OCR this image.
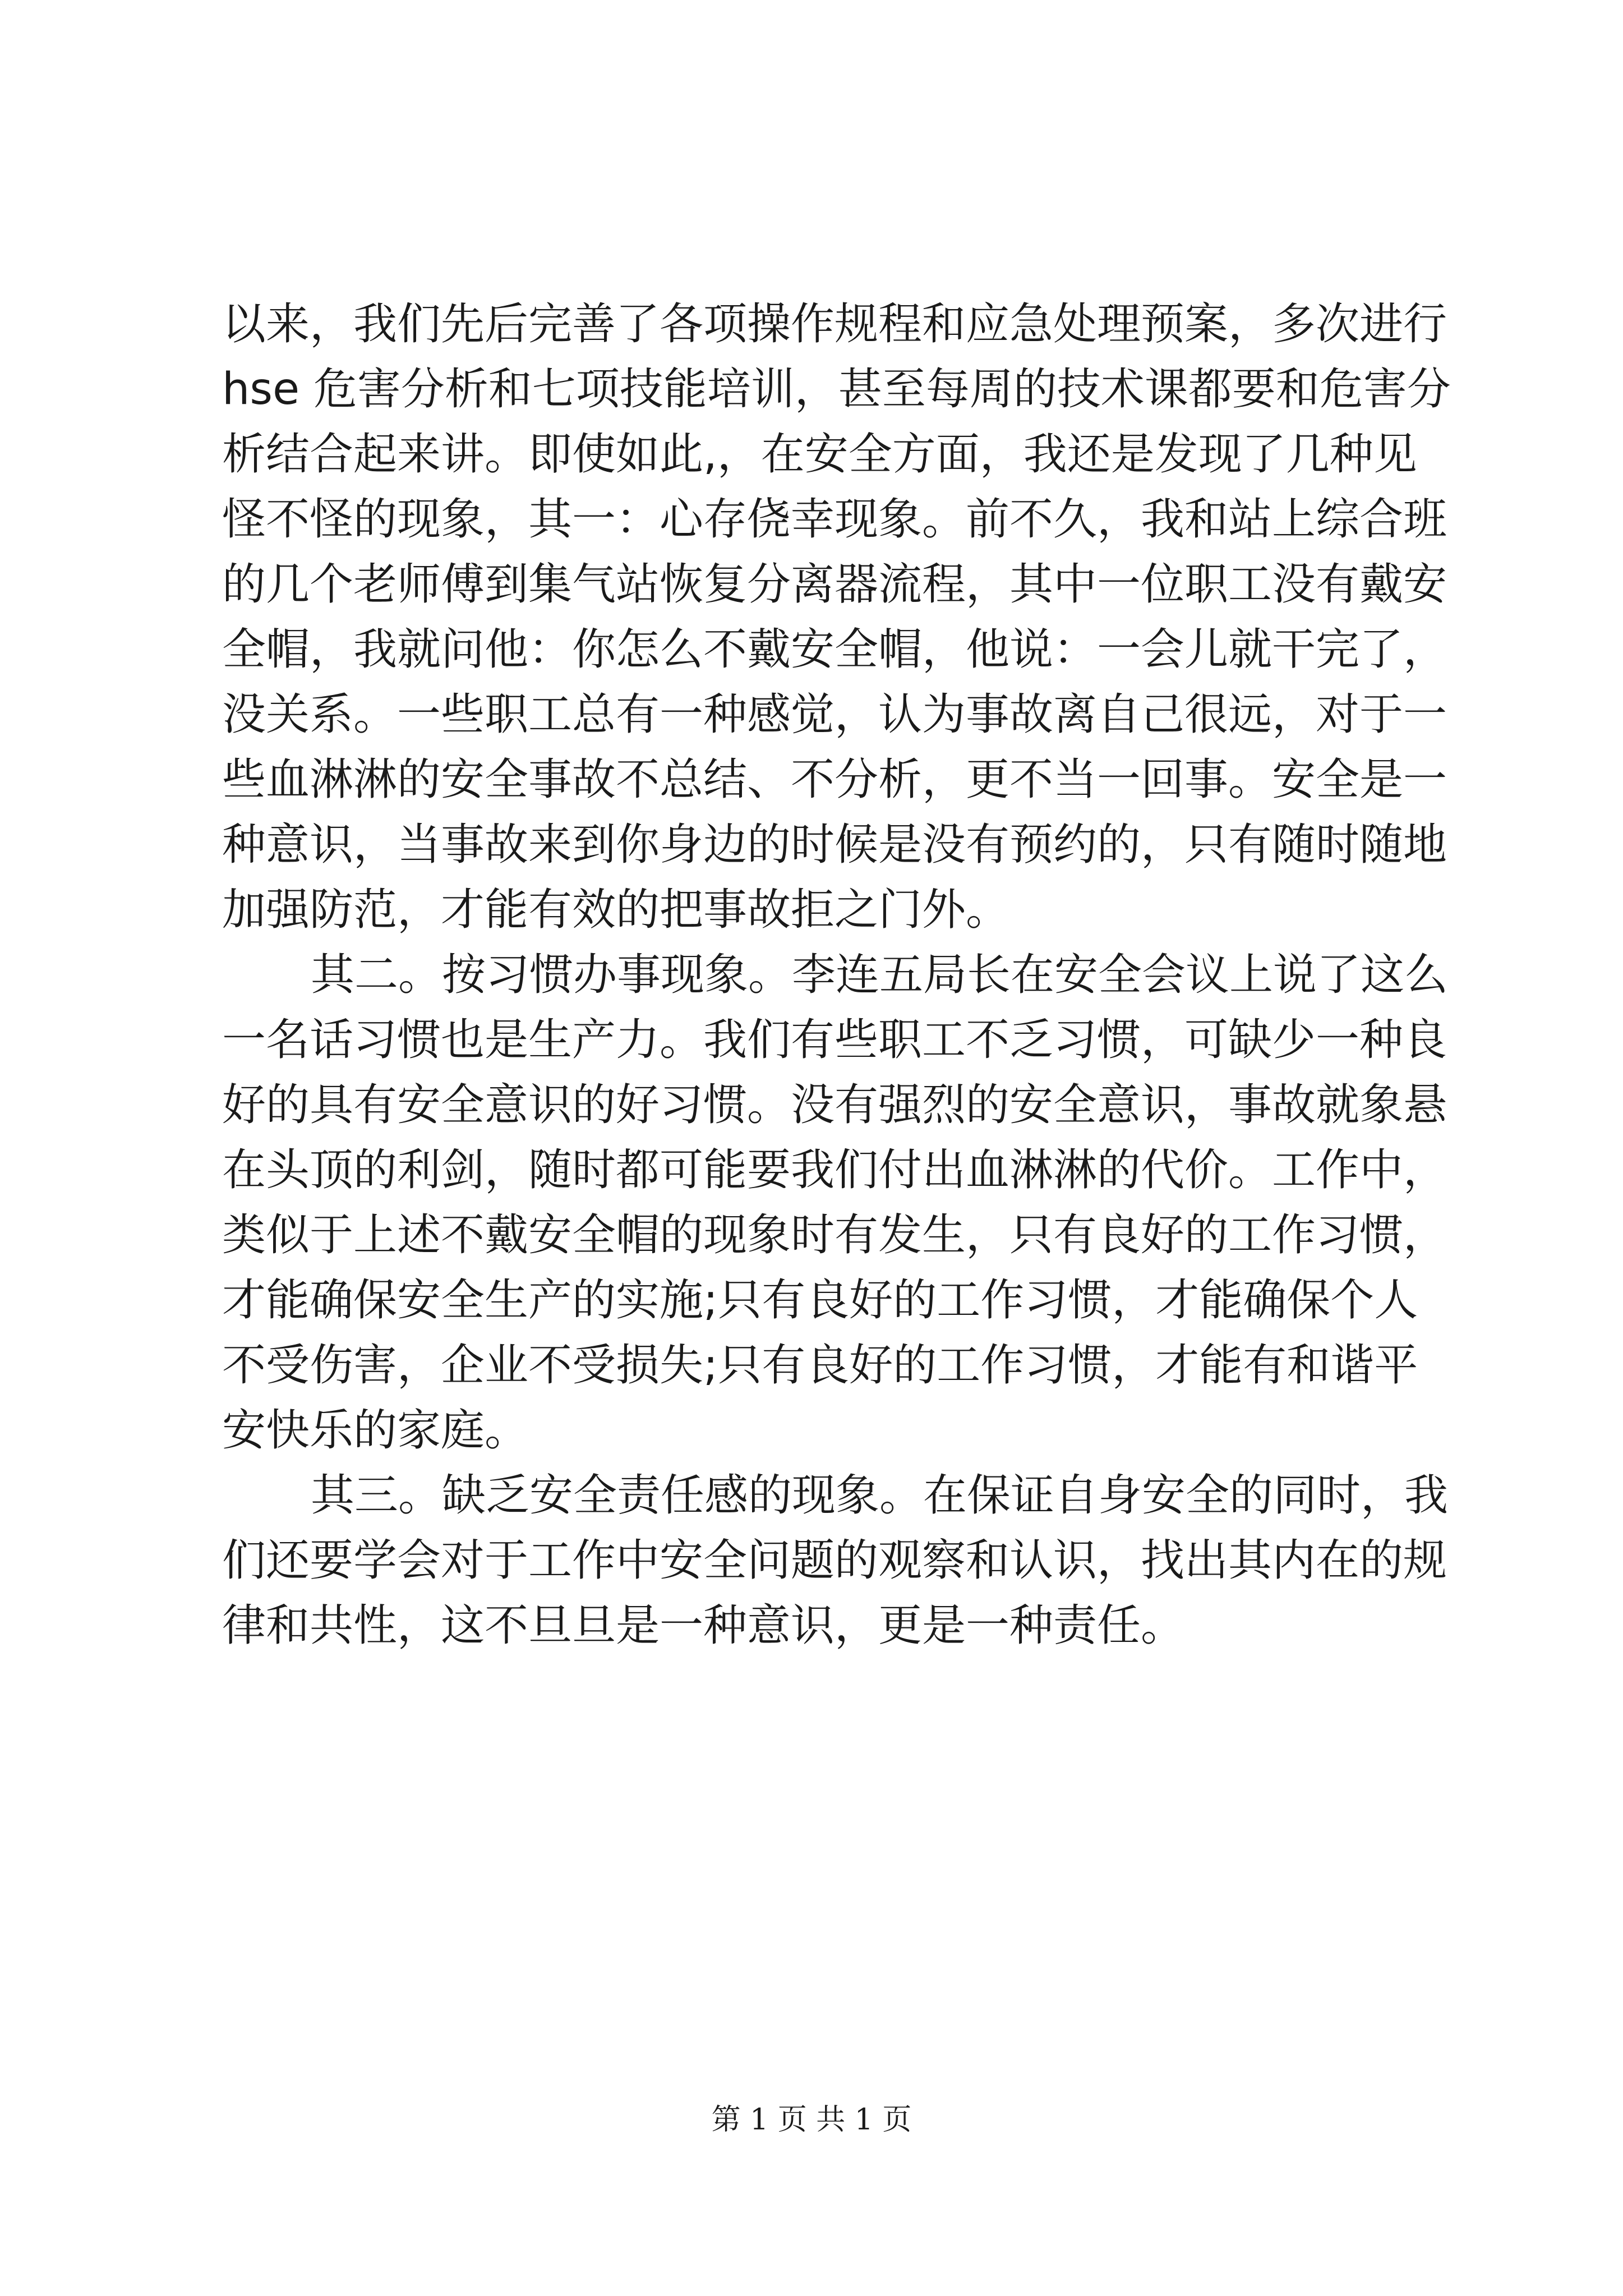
以来，我们先后完善了各项操作规程和应急处理预案，多次进行
hse 危害分析和七项技能培训，甚至每周的技术课都要和危害分
析结合起来讲。即使如此,，在安全方面，我还是发现了几种见
怪不怪的现象，其一：心存侥幸现象。前不久，我和站上综合班
的几个老师傅到集气站恢复分离器流程，其中一位职工没有戴安
全帽，我就问他：你怎么不戴安全帽，他说：一会儿就干完了，
没关系。一些职工总有一种感觉，认为事故离自己很远，对于一
些血淋淋的安全事故不总结、不分析，更不当一回事。安全是一
种意识，当事故来到你身边的时候是没有预约的，只有随时随地
加强防范，才能有效的把事故拒之门外。
其二。按习惯办事现象。李连五局长在安全会议上说了这么
一名话习惯也是生产力。我们有些职工不乏习惯，可缺少一种良
好的具有安全意识的好习惯。没有强烈的安全意识，事故就象悬
在头顶的利剑，随时都可能要我们付出血淋淋的代价。工作中，
类似于上述不戴安全帽的现象时有发生，只有良好的工作习惯，
才能确保安全生产的实施;只有良好的工作习惯，才能确保个人
不受伤害，企业不受损失;只有良好的工作习惯，才能有和谐平
安快乐的家庭。
其三。缺乏安全责任感的现象。在保证自身安全的同时，我
们还要学会对于工作中安全问题的观察和认识，找出其内在的规
律和共性，这不旦旦是一种意识，更是一种责任。
第 1 页 共 1 页
